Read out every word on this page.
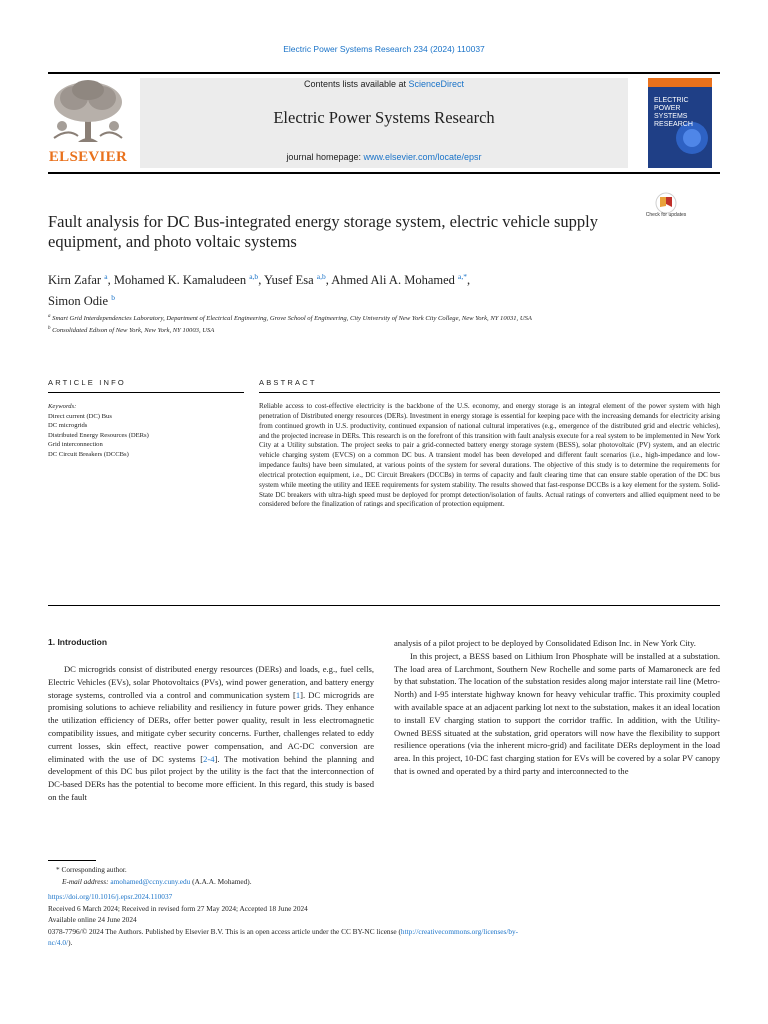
Electric Power Systems Research 234 (2024) 110037
ELSEVIER
Contents lists available at ScienceDirect
Electric Power Systems Research
journal homepage: www.elsevier.com/locate/epsr
ELECTRIC
POWER
SYSTEMS
RESEARCH
Fault analysis for DC Bus-integrated energy storage system, electric vehicle supply equipment, and photo voltaic systems
Check for updates
Kirn Zafar $^a$, Mohamed K. Kamaludeen $^{a,b}$, Yusef Esa $^{a,b}$, Ahmed Ali A. Mohamed $^{a,*}$,
Simon Odie $^b$
$^a$ Smart Grid Interdependencies Laboratory, Department of Electrical Engineering, Grove School of Engineering, City University of New York City College, New York, NY 10031, USA
$^b$ Consolidated Edison of New York, New York, NY 10003, USA
ARTICLE INFO
Keywords:
Direct current (DC) Bus
DC microgrids
Distributed Energy Resources (DERs)
Grid interconnection
DC Circuit Breakers (DCCBs)
ABSTRACT
Reliable access to cost-effective electricity is the backbone of the U.S. economy, and energy storage is an integral element of the power system with high penetration of Distributed energy resources (DERs). Investment in energy storage is essential for keeping pace with the increasing demands for electricity arising from continued growth in U.S. productivity, continued expansion of national cultural imperatives (e.g., emergence of the distributed grid and electric vehicles), and the projected increase in DERs. This research is on the forefront of this transition with fault analysis execute for a real system to be implemented in New York City at a Utility substation. The project seeks to pair a grid-connected battery energy storage system (BESS), solar photovoltaic (PV) system, and an electric vehicle charging system (EVCS) on a common DC bus. A transient model has been developed and different fault scenarios (i.e., high-impedance and low-impedance faults) have been simulated, at various points of the system for several durations. The objective of this study is to determine the requirements for electrical protection equipment, i.e., DC Circuit Breakers (DCCBs) in terms of capacity and fault clearing time that can ensure stable operation of the DC bus system while meeting the utility and IEEE requirements for system stability. The results showed that fast-response DCCBs is a key element for the system. Solid-State DC breakers with ultra-high speed must be deployed for prompt detection/isolation of faults. Actual ratings of converters and allied equipment need to be considered before the finalization of ratings and specification of protection equipment.
1. Introduction

DC microgrids consist of distributed energy resources (DERs) and loads, e.g., fuel cells, Electric Vehicles (EVs), solar Photovoltaics (PVs), wind power generation, and battery energy storage systems, controlled via a control and communication system [1]. DC microgrids are promising solutions to achieve reliability and resiliency in future power grids. They enhance the utilization efficiency of DERs, offer better power quality, result in less electromagnetic compatibility issues, and mitigate cyber security concerns. Further, challenges related to eddy current losses, skin effect, reactive power compensation, and AC-DC conversion are eliminated with the use of DC systems [2-4]. The motivation behind the planning and development of this DC bus pilot project by the utility is the fact that the interconnection of DC-based DERs has the potential to become more efficient. In this regard, this study is based on the fault

analysis of a pilot project to be deployed by Consolidated Edison Inc. in New York City.

In this project, a BESS based on Lithium Iron Phosphate will be installed at a substation. The load area of Larchmont, Southern New Rochelle and some parts of Mamaroneck are fed by that substation. The location of the substation resides along major interstate rail line (Metro-North) and I-95 interstate highway known for heavy vehicular traffic. This proximity coupled with available space at an adjacent parking lot next to the substation, makes it an ideal location to install EV charging station to support the corridor traffic. In addition, with the Utility-Owned BESS situated at the substation, grid operators will now have the flexibility to support resilience operations (via the inherent micro-grid) and facilitate DERs deployment in the load area. In this project, 10-DC fast charging station for EVs will be covered by a solar PV canopy that is owned and operated by a third party and interconnected to the

* Corresponding author.
E-mail address: amohamed@ccny.cuny.edu (A.A.A. Mohamed).
https://doi.org/10.1016/j.epsr.2024.110037
Received 6 March 2024; Received in revised form 27 May 2024; Accepted 18 June 2024
Available online 24 June 2024
0378-7796/© 2024 The Authors. Published by Elsevier B.V. This is an open access article under the CC BY-NC license (http://creativecommons.org/licenses/by-
nc/4.0/).
